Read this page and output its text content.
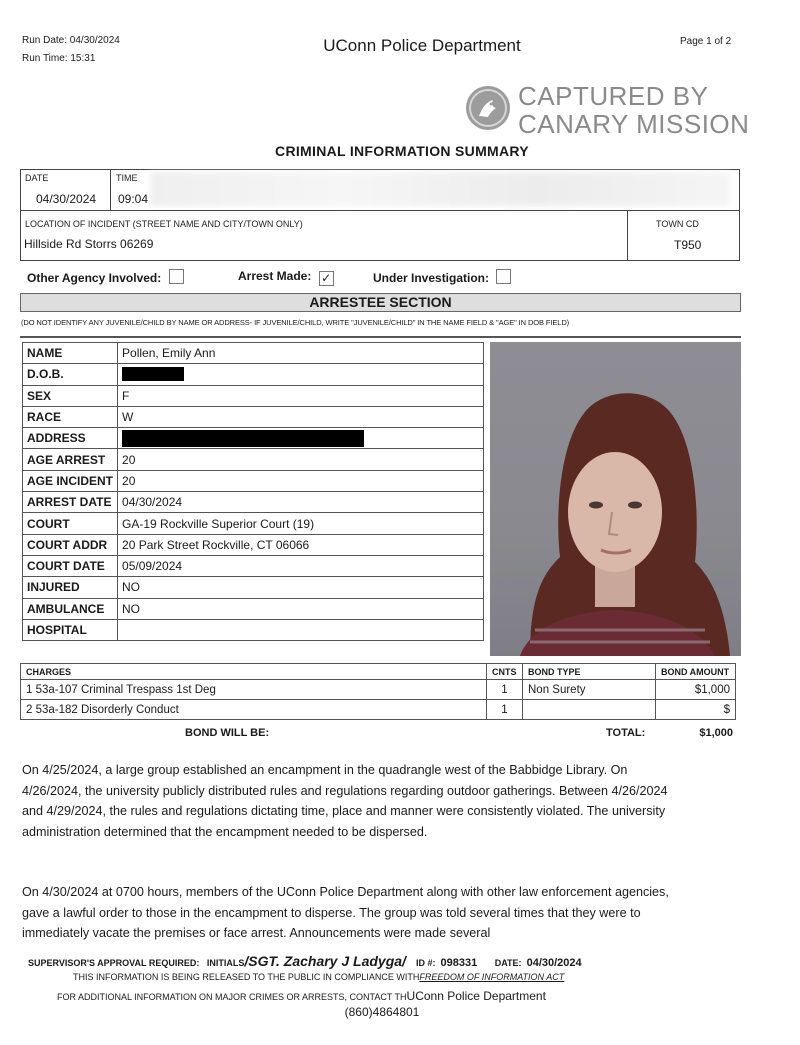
Run Date: 04/30/2024
Run Time: 15:31
UConn Police Department	Page 1 of 2
CAPTURED BY
CANARY MISSION
CRIMINAL INFORMATION SUMMARY
DATE
04/30/2024
TIME
09:04
LOCATION OF INCIDENT (STREET NAME AND CITY/TOWN ONLY)
Hillside Rd Storrs 06269
TOWN CD
T950
Other Agency Involved:	Arrest Made: ✓	Under Investigation:
ARRESTEE SECTION
(DO NOT IDENTIFY ANY JUVENILE/CHILD BY NAME OR ADDRESS- IF JUVENILE/CHILD, WRITE "JUVENILE/CHILD" IN THE NAME FIELD & "AGE" IN DOB FIELD)
NAME	Pollen, Emily Ann
D.O.B.	

SEX	F
RACE	W
ADDRESS	

AGE ARREST	20
AGE INCIDENT	20
ARREST DATE	04/30/2024
COURT	GA-19 Rockville Superior Court (19)
COURT ADDR	20 Park Street Rockville, CT 06066
COURT DATE	05/09/2024
INJURED	NO
AMBULANCE	NO
HOSPITAL	
CHARGES	CNTS	BOND TYPE	BOND AMOUNT
1 53a-107 Criminal Trespass 1st Deg	1	Non Surety	$1,000
2 53a-182 Disorderly Conduct	1		$
BOND WILL BE:	TOTAL:	$1,000
On 4/25/2024, a large group established an encampment in the quadrangle west of the Babbidge Library. On 4/26/2024, the university publicly distributed rules and regulations regarding outdoor gatherings. Between 4/26/2024 and 4/29/2024, the rules and regulations dictating time, place and manner were consistently violated. The university administration determined that the encampment needed to be dispersed.
On 4/30/2024 at 0700 hours, members of the UConn Police Department along with other law enforcement agencies, gave a lawful order to those in the encampment to disperse. The group was told several times that they were to immediately vacate the premises or face arrest. Announcements were made several
SUPERVISOR'S APPROVAL REQUIRED: INITIALS/SGT. Zachary J Ladyga/ ID #: 098331 DATE: 04/30/2024
THIS INFORMATION IS BEING RELEASED TO THE PUBLIC IN COMPLIANCE WITHFREEDOM OF INFORMATION ACT
FOR ADDITIONAL INFORMATION ON MAJOR CRIMES OR ARRESTS, CONTACT THUConn Police Department
(860)4864801
